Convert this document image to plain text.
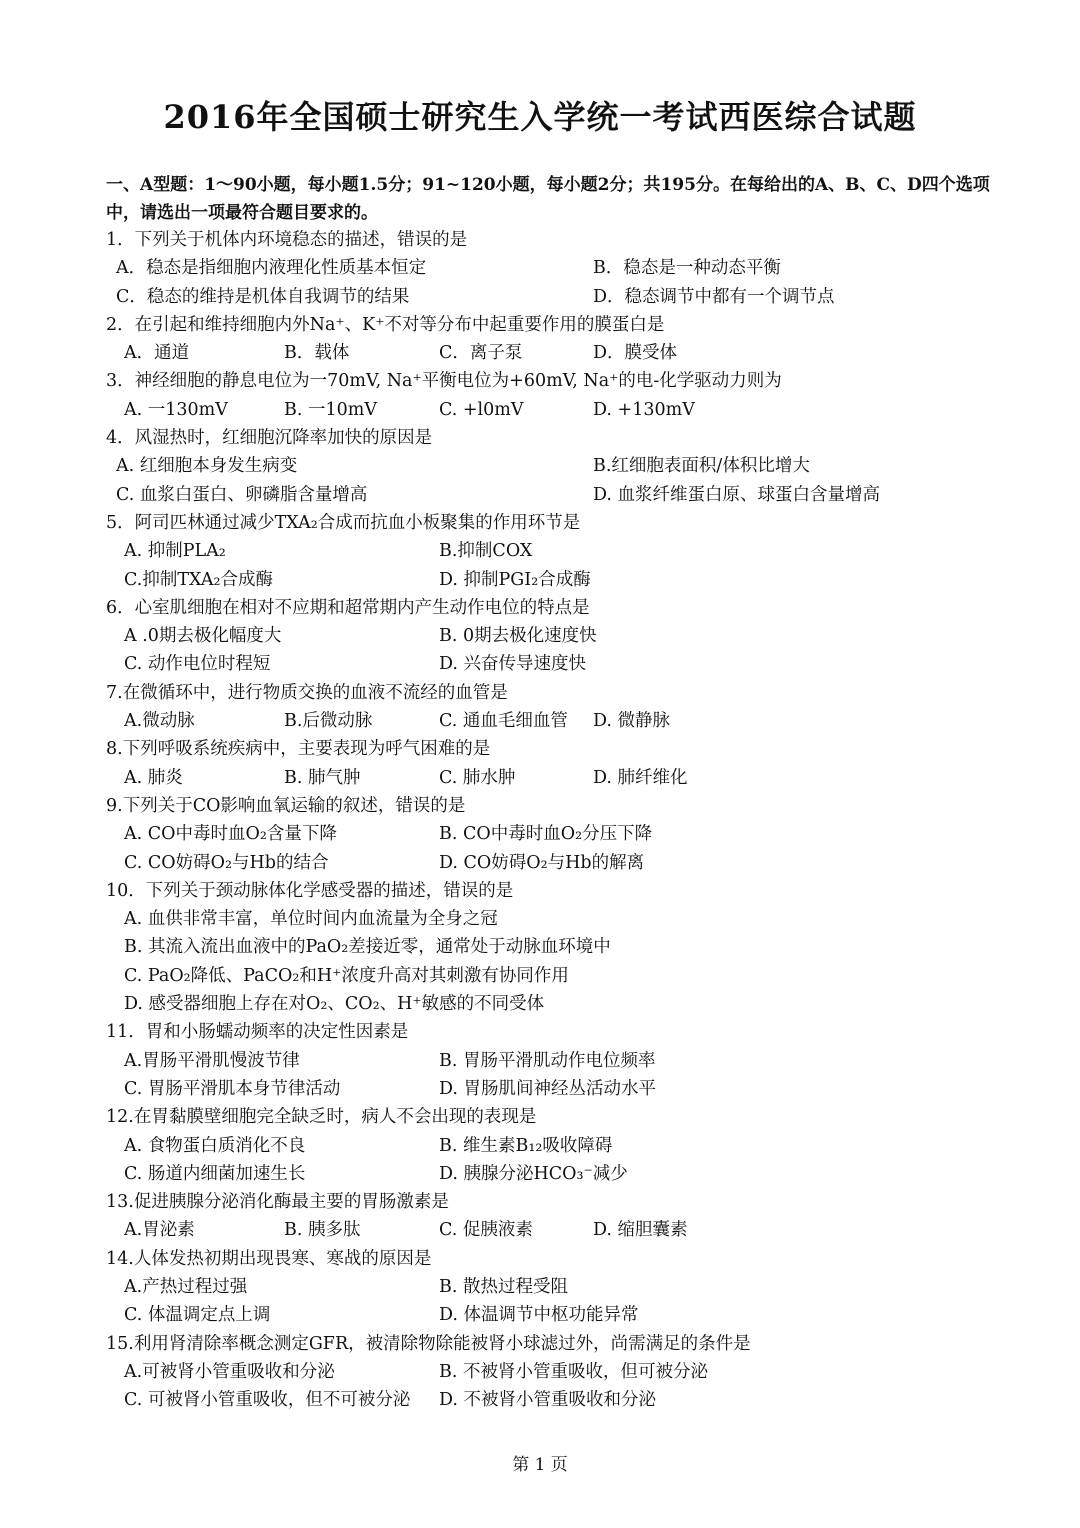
2016年全国硕士研究生入学统一考试西医综合试题
一、A型题：1～90小题，每小题1.5分；91~120小题，每小题2分；共195分。在每给出的A、B、C、D四个选项中，请选出一项最符合题目要求的。
1．下列关于机体内环境稳态的描述，错误的是
A．稳态是指细胞内液理化性质基本恒定	B．稳态是一种动态平衡
C．稳态的维持是机体自我调节的结果	D．稳态调节中都有一个调节点
2．在引起和维持细胞内外Na⁺、K⁺不对等分布中起重要作用的膜蛋白是
A．通道	B．载体	C．离子泵	D．膜受体
3．神经细胞的静息电位为一70mV, Na⁺平衡电位为+60mV, Na⁺的电-化学驱动力则为
A. 一130mV	B. 一10mV	C. +l0mV	D. +130mV
4．风湿热时，红细胞沉降率加快的原因是
A. 红细胞本身发生病变	B.红细胞表面积/体积比增大
C. 血浆白蛋白、卵磷脂含量增高	D. 血浆纤维蛋白原、球蛋白含量增高
5．阿司匹林通过减少TXA₂合成而抗血小板聚集的作用环节是
A. 抑制PLA₂	B.抑制COX
C.抑制TXA₂合成酶	D. 抑制PGI₂合成酶
6．心室肌细胞在相对不应期和超常期内产生动作电位的特点是
A .0期去极化幅度大	B. 0期去极化速度快
C. 动作电位时程短	D. 兴奋传导速度快
7.在微循环中，进行物质交换的血液不流经的血管是
A.微动脉	B.后微动脉	C. 通血毛细血管 D. 微静脉
8.下列呼吸系统疾病中，主要表现为呼气困难的是
A. 肺炎	B. 肺气肿	C. 肺水肿	D. 肺纤维化
9.下列关于CO影响血氧运输的叙述，错误的是
A. CO中毒时血O₂含量下降	B. CO中毒时血O₂分压下降
C. CO妨碍O₂与Hb的结合	D. CO妨碍O₂与Hb的解离
10．下列关于颈动脉体化学感受器的描述，错误的是
A. 血供非常丰富，单位时间内血流量为全身之冠
B. 其流入流出血液中的PaO₂差接近零，通常处于动脉血环境中
C. PaO₂降低、PaCO₂和H⁺浓度升高对其刺激有协同作用
D. 感受器细胞上存在对O₂、CO₂、H⁺敏感的不同受体
11．胃和小肠蠕动频率的决定性因素是
A.胃肠平滑肌慢波节律	B. 胃肠平滑肌动作电位频率
C. 胃肠平滑肌本身节律活动	D. 胃肠肌间神经丛活动水平
12.在胃黏膜壁细胞完全缺乏时，病人不会出现的表现是
A. 食物蛋白质消化不良	B. 维生素B₁₂吸收障碍
C. 肠道内细菌加速生长	D. 胰腺分泌HCO₃⁻减少
13.促进胰腺分泌消化酶最主要的胃肠激素是
A.胃泌素	B. 胰多肽	C. 促胰液素	D. 缩胆囊素
14.人体发热初期出现畏寒、寒战的原因是
A.产热过程过强	B. 散热过程受阻
C. 体温调定点上调	D. 体温调节中枢功能异常
15.利用肾清除率概念测定GFR，被清除物除能被肾小球滤过外，尚需满足的条件是
A.可被肾小管重吸收和分泌	B. 不被肾小管重吸收，但可被分泌
C. 可被肾小管重吸收，但不可被分泌 D. 不被肾小管重吸收和分泌
第 1 页
